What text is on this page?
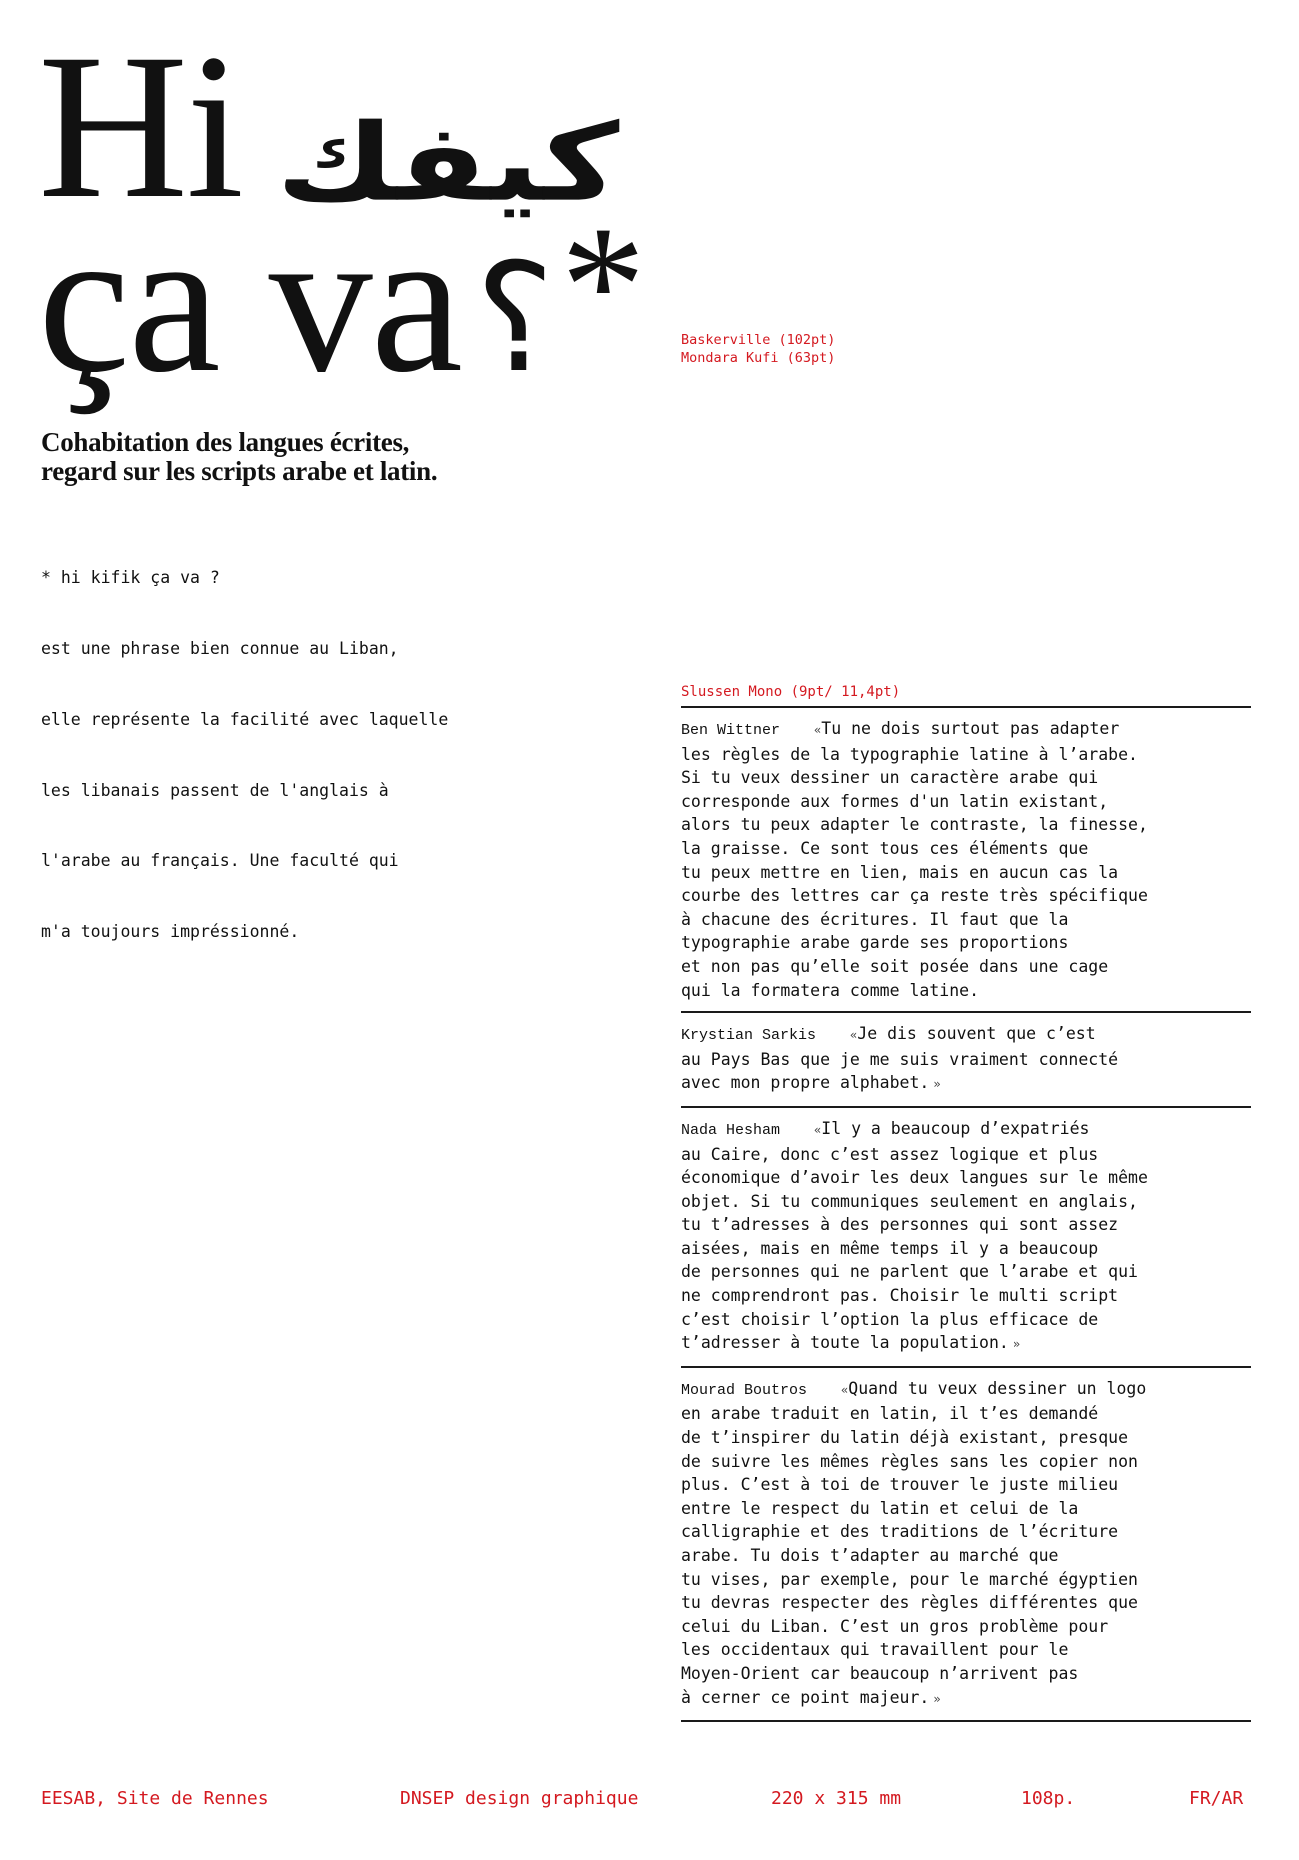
Hi كيفك
ça va؟*	Baskerville (102pt)
Mondara Kufi (63pt)
Cohabitation des langues écrites,
regard sur les scripts arabe et latin.

* hi kifik ça va ?

est une phrase bien connue au Liban,

elle représente la facilité avec laquelle

les libanais passent de l'anglais à

l'arabe au français. Une faculté qui

m'a toujours impréssionné.

Slussen Mono (9pt/ 11,4pt)
Ben Wittner	«Tu ne dois surtout pas adapter
les règles de la typographie latine à l’arabe.
Si tu veux dessiner un caractère arabe qui
corresponde aux formes d'un latin existant,
alors tu peux adapter le contraste, la finesse,
la graisse. Ce sont tous ces éléments que
tu peux mettre en lien, mais en aucun cas la
courbe des lettres car ça reste très spécifique
à chacune des écritures. Il faut que la
typographie arabe garde ses proportions
et non pas qu’elle soit posée dans une cage
qui la formatera comme latine.
Krystian Sarkis	«Je dis souvent que c’est
au Pays Bas que je me suis vraiment connecté
avec mon propre alphabet. »
Nada Hesham	«Il y a beaucoup d’expatriés
au Caire, donc c’est assez logique et plus
économique d’avoir les deux langues sur le même
objet. Si tu communiques seulement en anglais,
tu t’adresses à des personnes qui sont assez
aisées, mais en même temps il y a beaucoup
de personnes qui ne parlent que l’arabe et qui
ne comprendront pas. Choisir le multi script
c’est choisir l’option la plus efficace de
t’adresser à toute la population. »
Mourad Boutros	«Quand tu veux dessiner un logo
en arabe traduit en latin, il t’es demandé
de t’inspirer du latin déjà existant, presque
de suivre les mêmes règles sans les copier non
plus. C’est à toi de trouver le juste milieu
entre le respect du latin et celui de la
calligraphie et des traditions de l’écriture
arabe. Tu dois t’adapter au marché que
tu vises, par exemple, pour le marché égyptien
tu devras respecter des règles différentes que
celui du Liban. C’est un gros problème pour
les occidentaux qui travaillent pour le
Moyen-Orient car beaucoup n’arrivent pas
à cerner ce point majeur. »
EESAB, Site de Rennes	DNSEP design graphique	220 x 315 mm	108p.	FR/AR
